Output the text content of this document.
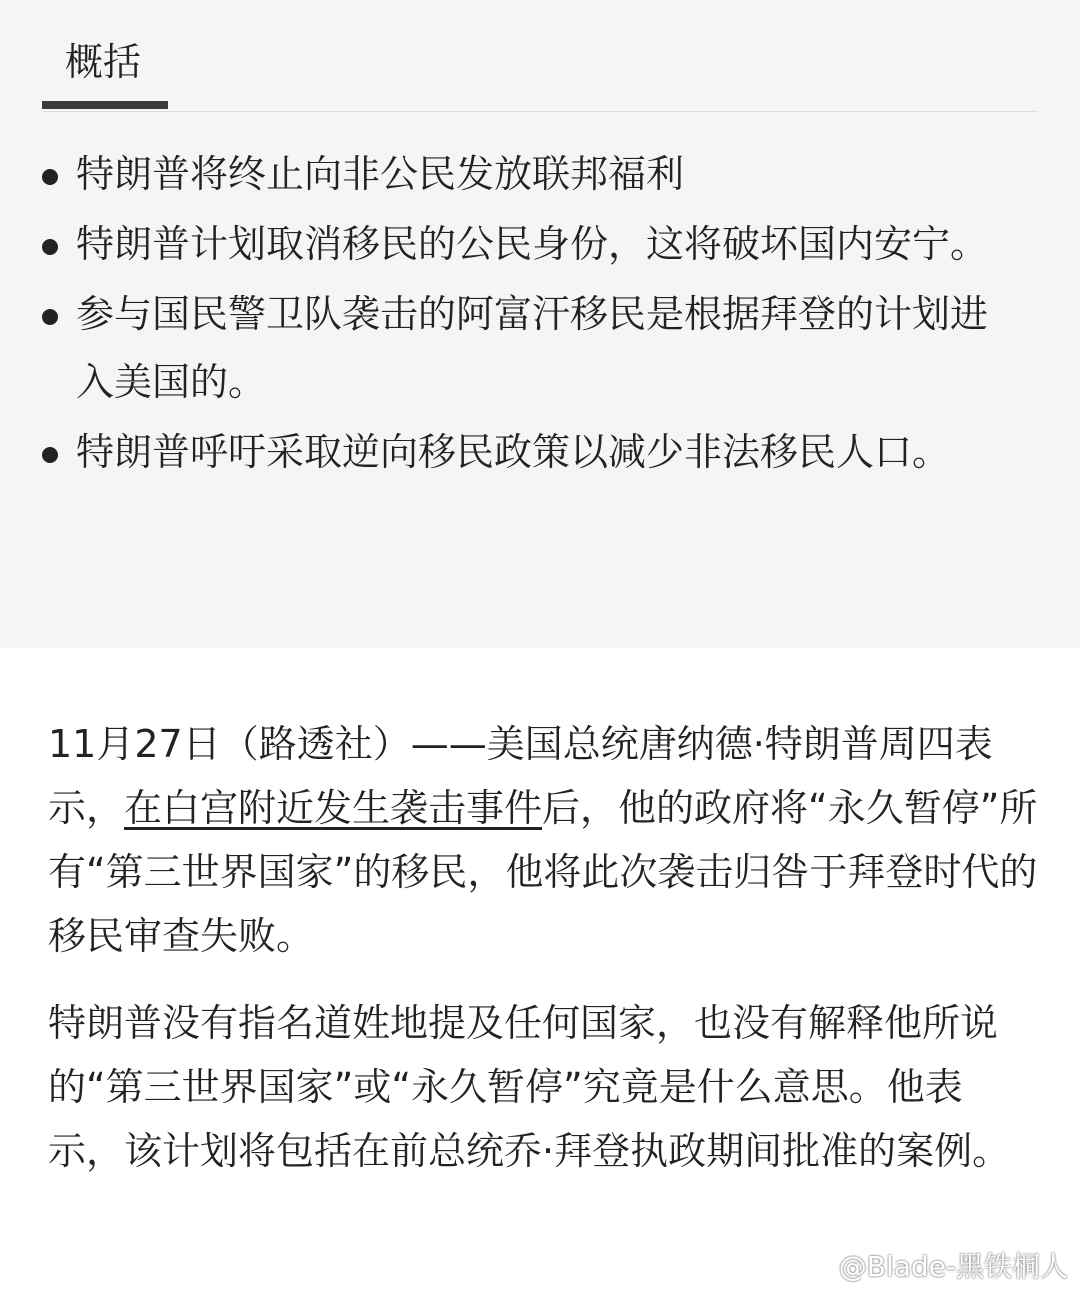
概括
特朗普将终止向非公民发放联邦福利
特朗普计划取消移民的公民身份，这将破坏国内安宁。
参与国民警卫队袭击的阿富汗移民是根据拜登的计划进入美国的。
特朗普呼吁采取逆向移民政策以减少非法移民人口。

11月27日（路透社）——美国总统唐纳德·特朗普周四表示，在白宫附近发生袭击事件后，他的政府将“永久暂停”所有“第三世界国家”的移民，他将此次袭击归咎于拜登时代的移民审查失败。

特朗普没有指名道姓地提及任何国家，也没有解释他所说的“第三世界国家”或“永久暂停”究竟是什么意思。他表示，该计划将包括在前总统乔·拜登执政期间批准的案例。

@Blade-黑铁桐人
